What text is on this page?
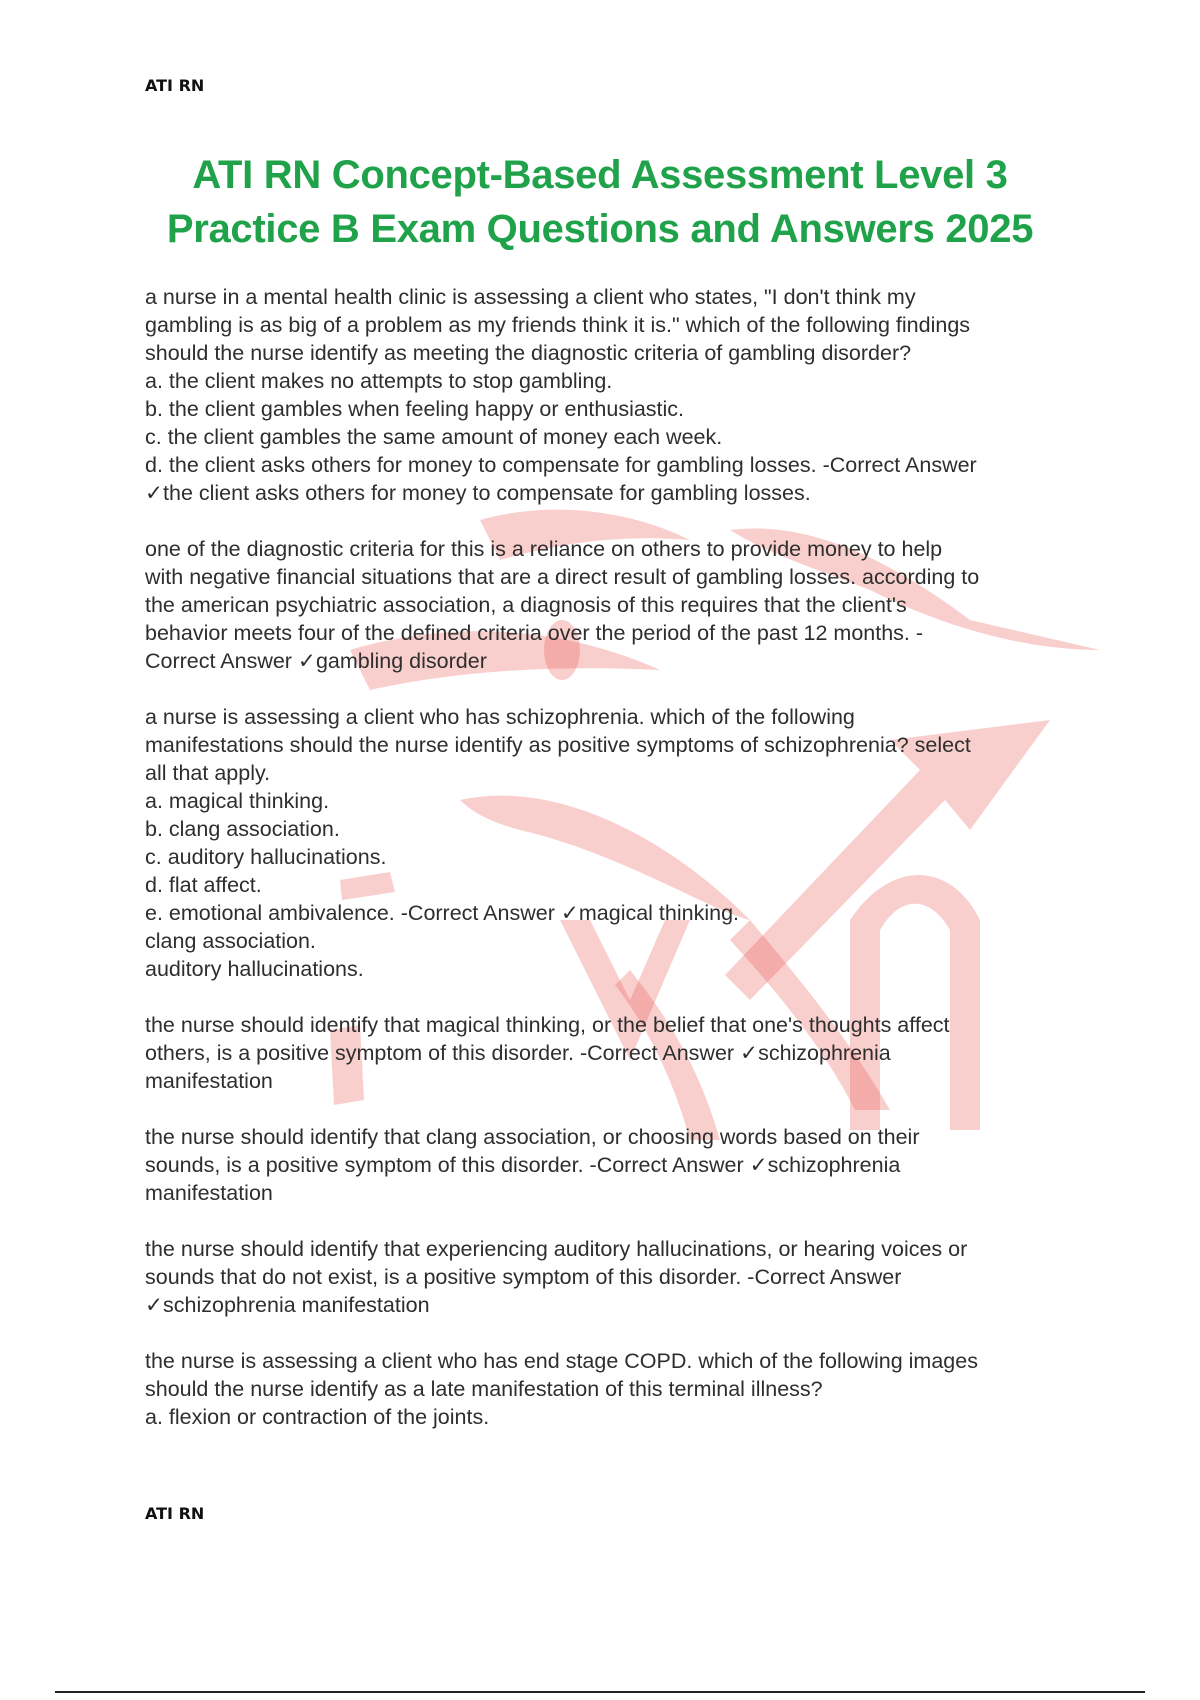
ATI RN
ATI RN Concept-Based Assessment Level 3
Practice B Exam Questions and Answers 2025

a nurse in a mental health clinic is assessing a client who states, "I don't think my
gambling is as big of a problem as my friends think it is." which of the following findings
should the nurse identify as meeting the diagnostic criteria of gambling disorder?
a. the client makes no attempts to stop gambling.
b. the client gambles when feeling happy or enthusiastic.
c. the client gambles the same amount of money each week.
d. the client asks others for money to compensate for gambling losses. -Correct Answer
✓the client asks others for money to compensate for gambling losses.

one of the diagnostic criteria for this is a reliance on others to provide money to help
with negative financial situations that are a direct result of gambling losses. according to
the american psychiatric association, a diagnosis of this requires that the client's
behavior meets four of the defined criteria over the period of the past 12 months. -
Correct Answer ✓gambling disorder

a nurse is assessing a client who has schizophrenia. which of the following
manifestations should the nurse identify as positive symptoms of schizophrenia? select
all that apply.
a. magical thinking.
b. clang association.
c. auditory hallucinations.
d. flat affect.
e. emotional ambivalence. -Correct Answer ✓magical thinking.
clang association.
auditory hallucinations.

the nurse should identify that magical thinking, or the belief that one's thoughts affect
others, is a positive symptom of this disorder. -Correct Answer ✓schizophrenia
manifestation

the nurse should identify that clang association, or choosing words based on their
sounds, is a positive symptom of this disorder. -Correct Answer ✓schizophrenia
manifestation

the nurse should identify that experiencing auditory hallucinations, or hearing voices or
sounds that do not exist, is a positive symptom of this disorder. -Correct Answer
✓schizophrenia manifestation

the nurse is assessing a client who has end stage COPD. which of the following images
should the nurse identify as a late manifestation of this terminal illness?
a. flexion or contraction of the joints.

ATI RN
